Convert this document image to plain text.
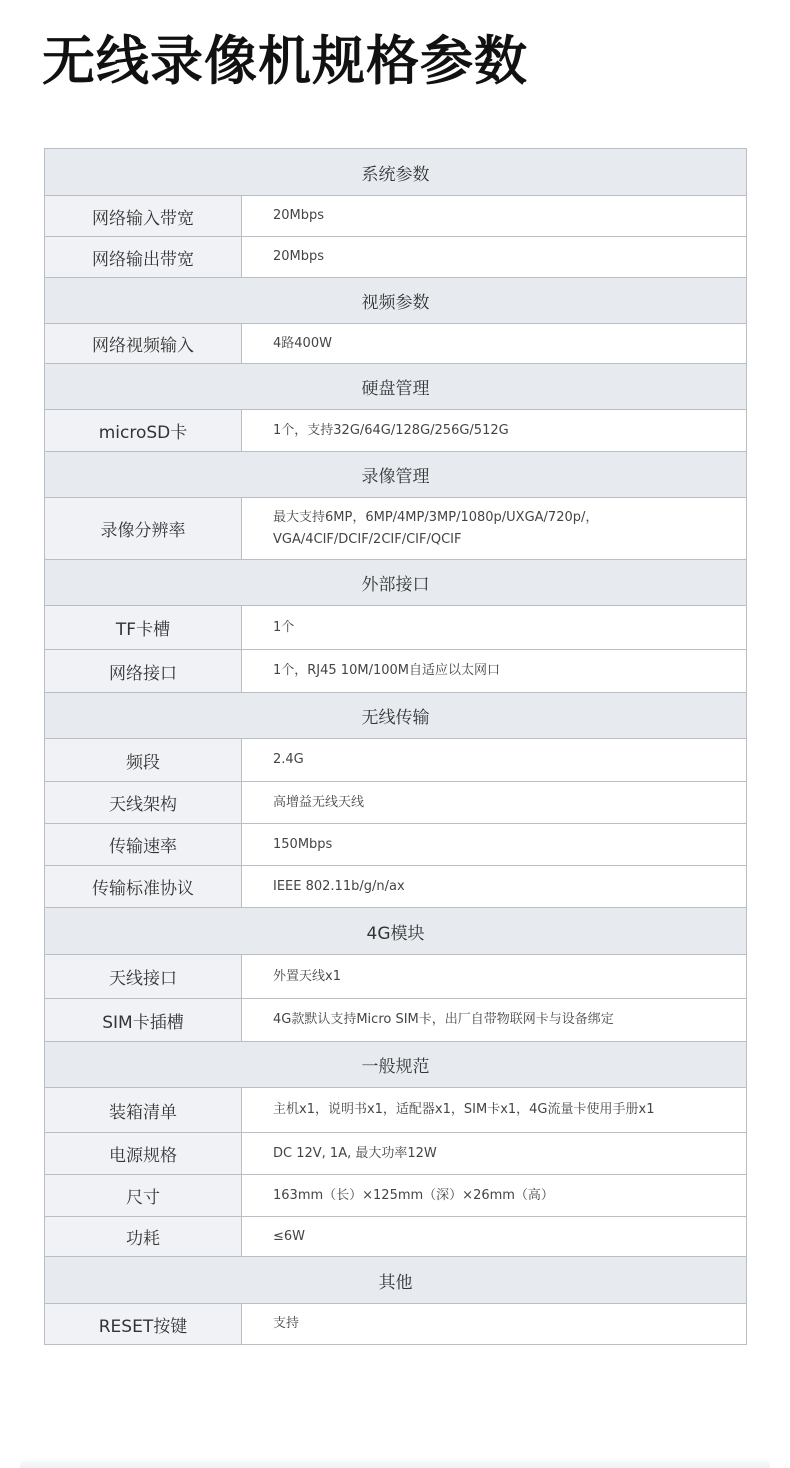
无线录像机规格参数
系统参数	
网络输入带宽	20Mbps
网络输出带宽	20Mbps
视频参数	
网络视频输入	4路400W
硬盘管理	
microSD卡	1个，支持32G/64G/128G/256G/512G
录像管理	
录像分辨率	最大支持6MP，6MP/4MP/3MP/1080p/UXGA/720p/，
VGA/4CIF/DCIF/2CIF/CIF/QCIF

外部接口	
TF卡槽	1个
网络接口	1个，RJ45 10M/100M自适应以太网口
无线传输	
频段	2.4G
天线架构	高增益无线天线
传输速率	150Mbps
传输标准协议	IEEE 802.11b/g/n/ax
4G模块	
天线接口	外置天线x1
SIM卡插槽	4G款默认支持Micro SIM卡，出厂自带物联网卡与设备绑定
一般规范	
装箱清单	主机x1，说明书x1，适配器x1，SIM卡x1，4G流量卡使用手册x1
电源规格	DC 12V, 1A, 最大功率12W
尺寸	163mm（长）×125mm（深）×26mm（高）
功耗	≤6W
其他	
RESET按键	支持
